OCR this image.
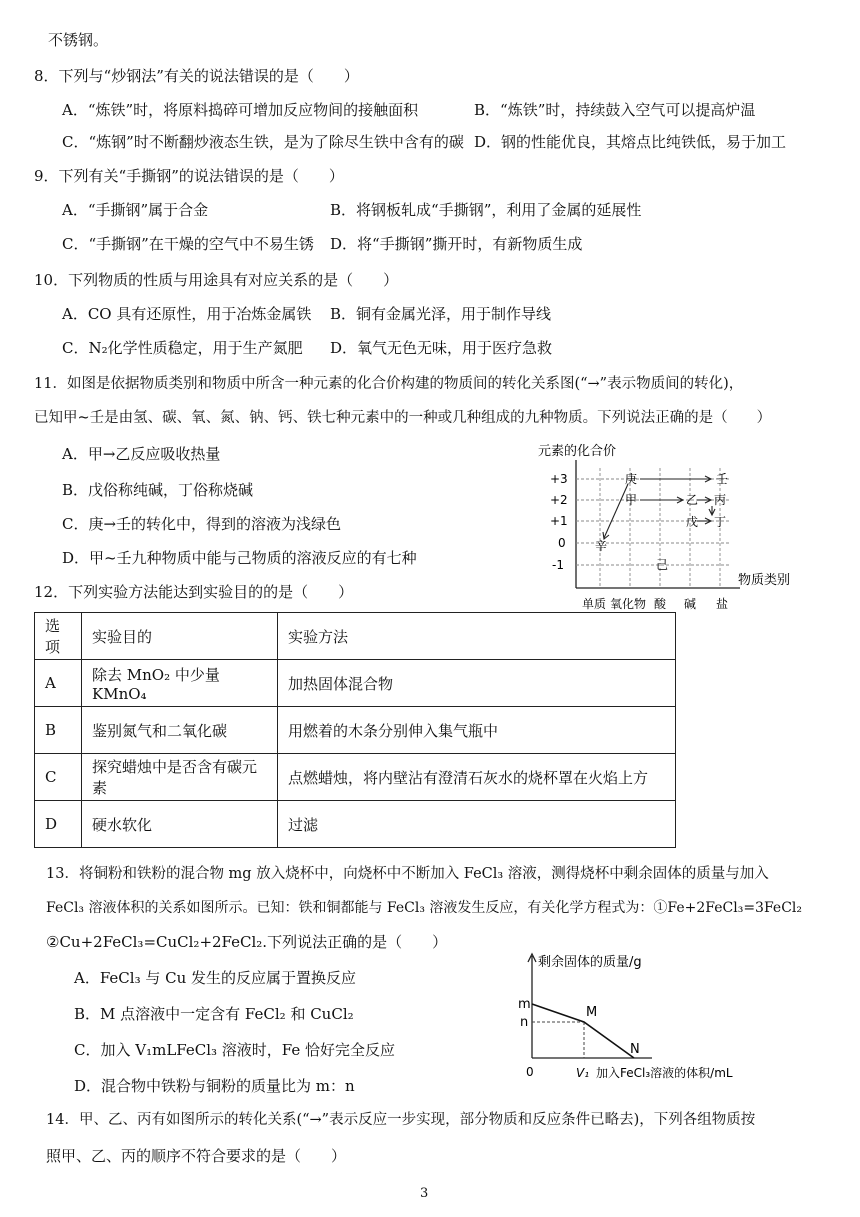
不锈钢。
8．下列与“炒钢法”有关的说法错误的是（　　）
A．“炼铁”时，将原料捣碎可增加反应物间的接触面积	B．“炼铁”时，持续鼓入空气可以提高炉温
C．“炼钢”时不断翻炒液态生铁，是为了除尽生铁中含有的碳 D．钢的性能优良，其熔点比纯铁低，易于加工
9．下列有关“手撕钢”的说法错误的是（　　）
A．“手撕钢”属于合金	B．将钢板轧成“手撕钢”，利用了金属的延展性
C．“手撕钢”在干燥的空气中不易生锈 D．将“手撕钢”撕开时，有新物质生成
10．下列物质的性质与用途具有对应关系的是（　　）
A．CO 具有还原性，用于冶炼金属铁 B．铜有金属光泽，用于制作导线
C．N₂化学性质稳定，用于生产氮肥 D．氧气无色无味，用于医疗急救
11．如图是依据物质类别和物质中所含一种元素的化合价构建的物质间的转化关系图(“→”表示物质间的转化)，
已知甲~壬是由氢、碳、氧、氮、钠、钙、铁七种元素中的一种或几种组成的九种物质。下列说法正确的是（　　）
A．甲→乙反应吸收热量
B．戊俗称纯碱，丁俗称烧碱
C．庚→壬的转化中，得到的溶液为浅绿色
D．甲~壬九种物质中能与己物质的溶液反应的有七种
12．下列实验方法能达到实验目的的是（　　）
13．将铜粉和铁粉的混合物 mg 放入烧杯中，向烧杯中不断加入 FeCl₃ 溶液，测得烧杯中剩余固体的质量与加入
FeCl₃ 溶液体积的关系如图所示。已知：铁和铜都能与 FeCl₃ 溶液发生反应，有关化学方程式为：①Fe+2FeCl₃=3FeCl₂
②Cu+2FeCl₃=CuCl₂+2FeCl₂.下列说法正确的是（　　）
A．FeCl₃ 与 Cu 发生的反应属于置换反应
B．M 点溶液中一定含有 FeCl₂ 和 CuCl₂
C．加入 V₁mLFeCl₃ 溶液时，Fe 恰好完全反应
D．混合物中铁粉与铜粉的质量比为 m：n
14．甲、乙、丙有如图所示的转化关系(“→”表示反应一步实现，部分物质和反应条件已略去)，下列各组物质按
照甲、乙、丙的顺序不符合要求的是（　　）
选项	实验目的	实验方法
A	除去 MnO₂ 中少量 KMnO₄	加热固体混合物
B	鉴别氮气和二氧化碳	用燃着的木条分别伸入集气瓶中
C	探究蜡烛中是否含有碳元素	点燃蜡烛，将内壁沾有澄清石灰水的烧杯罩在火焰上方
D	硬水软化	过滤
元素的化合价
+3
+2
+1
0
-1
单质 氧化物 酸 碱 盐
物质类别
庚	壬
甲	乙 丙
戊 丁
辛
己
剩余固体的质量/g
0
m
n
M
N
V₁ 加入FeCl₃溶液的体积/mL
3
